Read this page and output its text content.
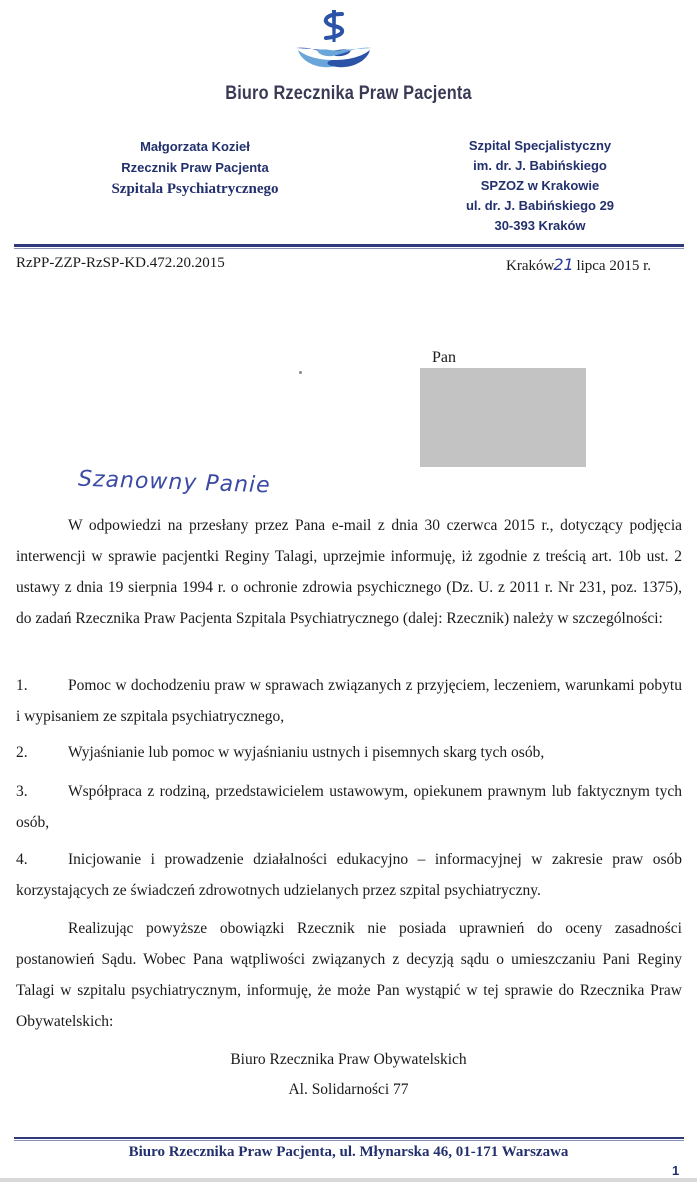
Biuro Rzecznika Praw Pacjenta
Małgorzata Kozieł
Rzecznik Praw Pacjenta
Szpitala Psychiatrycznego
Szpital Specjalistyczny
im. dr. J. Babińskiego
SPZOZ w Krakowie
ul. dr. J. Babińskiego 29
30-393 Kraków
RzPP-ZZP-RzSP-KD.472.20.2015	Kraków21 lipca 2015 r.
Pan
Szanowny Panie
W odpowiedzi na przesłany przez Pana e-mail z dnia 30 czerwca 2015 r., dotyczący podjęcia interwencji w sprawie pacjentki Reginy Talagi, uprzejmie informuję, iż zgodnie z treścią art. 10b ust. 2 ustawy z dnia 19 sierpnia 1994 r. o ochronie zdrowia psychicznego (Dz. U. z 2011 r. Nr 231, poz. 1375), do zadań Rzecznika Praw Pacjenta Szpitala Psychiatrycznego (dalej: Rzecznik) należy w szczególności:
1.	Pomoc w dochodzeniu praw w sprawach związanych z przyjęciem, leczeniem, warunkami pobytu i wypisaniem ze szpitala psychiatrycznego,
2.	Wyjaśnianie lub pomoc w wyjaśnianiu ustnych i pisemnych skarg tych osób,
3.	Współpraca z rodziną, przedstawicielem ustawowym, opiekunem prawnym lub faktycznym tych osób,
4.	Inicjowanie i prowadzenie działalności edukacyjno – informacyjnej w zakresie praw osób korzystających ze świadczeń zdrowotnych udzielanych przez szpital psychiatryczny.
Realizując powyższe obowiązki Rzecznik nie posiada uprawnień do oceny zasadności postanowień Sądu. Wobec Pana wątpliwości związanych z decyzją sądu o umieszczaniu Pani Reginy Talagi w szpitalu psychiatrycznym, informuję, że może Pan wystąpić w tej sprawie do Rzecznika Praw Obywatelskich:
Biuro Rzecznika Praw Obywatelskich
Al. Solidarności 77
Biuro Rzecznika Praw Pacjenta, ul. Młynarska 46, 01-171 Warszawa
1
